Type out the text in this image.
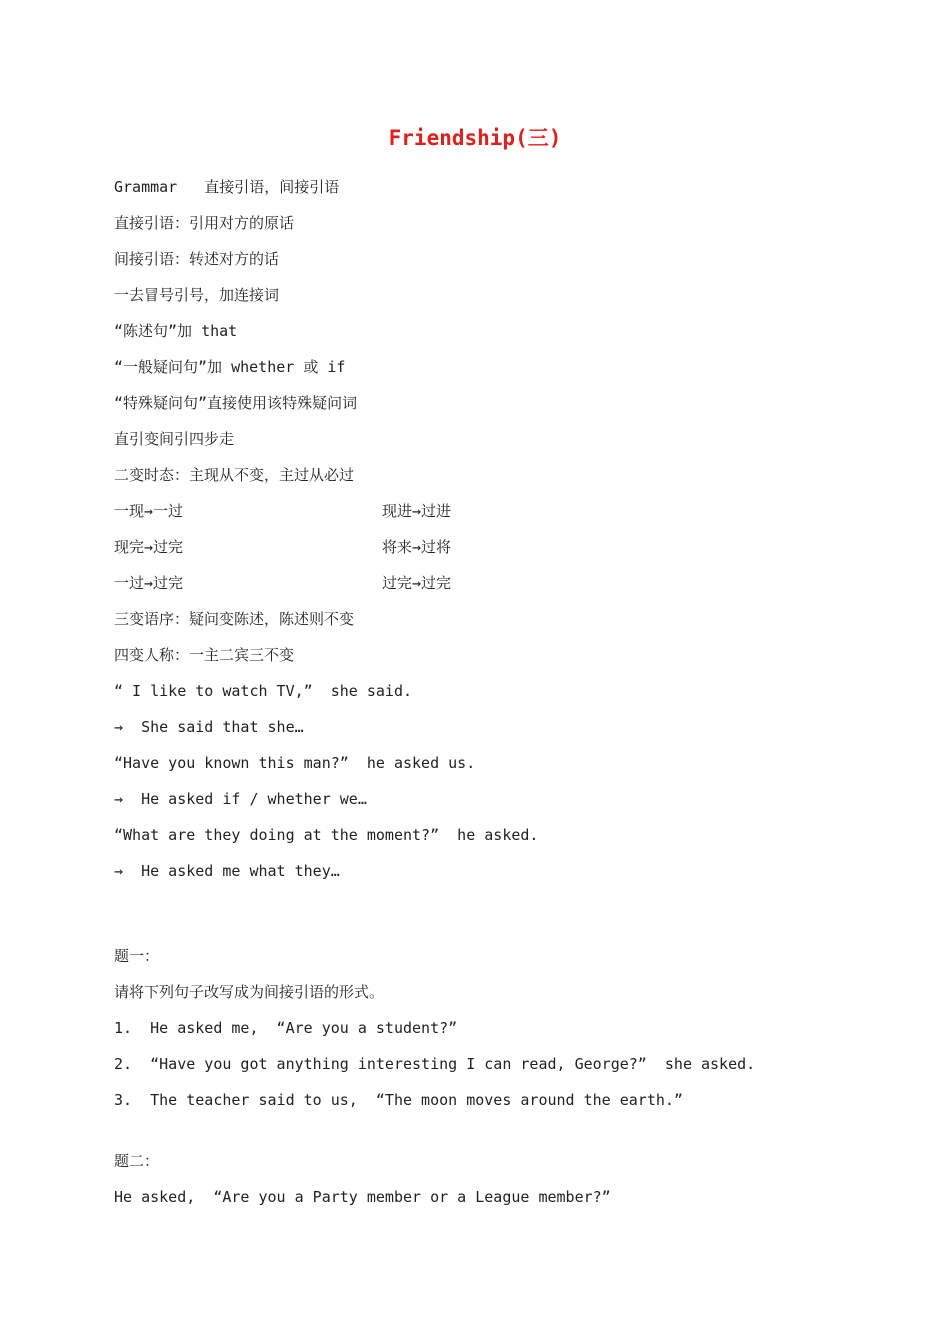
Friendship(三)
Grammar   直接引语，间接引语
直接引语：引用对方的原话
间接引语：转述对方的话
一去冒号引号，加连接词
“陈述句”加 that
“一般疑问句”加 whether 或 if
“特殊疑问句”直接使用该特殊疑问词
直引变间引四步走
二变时态：主现从不变，主过从必过
一现→一过	现进→过进
现完→过完	将来→过将
一过→过完	过完→过完
三变语序：疑问变陈述，陈述则不变
四变人称：一主二宾三不变
“ I like to watch TV,”  she said.
→  She said that she…
“Have you known this man?”  he asked us.
→  He asked if / whether we…
“What are they doing at the moment?”  he asked.
→  He asked me what they…
题一：
请将下列句子改写成为间接引语的形式。
1.  He asked me,  “Are you a student?”
2.  “Have you got anything interesting I can read, George?”  she asked.
3.  The teacher said to us,  “The moon moves around the earth.”
题二：
He asked,  “Are you a Party member or a League member?”
